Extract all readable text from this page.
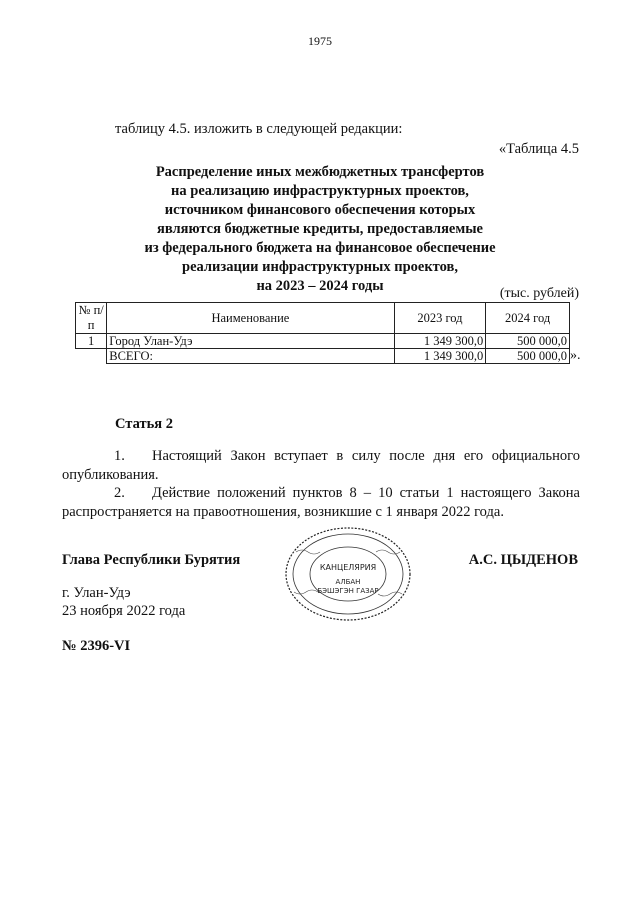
1975
таблицу 4.5. изложить в следующей редакции:
«Таблица 4.5
Распределение иных межбюджетных трансфертов
на реализацию инфраструктурных проектов,
источником финансового обеспечения которых
являются бюджетные кредиты, предоставляемые
из федерального бюджета на финансовое обеспечение
реализации инфраструктурных проектов,
на 2023 – 2024 годы	(тыс. рублей)
№ п/п	Наименование	2023 год	2024 год
1	Город Улан-Удэ	1 349 300,0	500 000,0
	ВСЕГО:	1 349 300,0	500 000,0 ».
Статья 2
1. Настоящий Закон вступает в силу после дня его официального опубликования.
2. Действие положений пунктов 8 – 10 статьи 1 настоящего Закона распространяется на правоотношения, возникшие с 1 января 2022 года.
Глава Республики Бурятия	А.С. ЦЫДЕНОВ
КАНЦЕЛЯРИЯ
АЛБАН
БЭШЭГЭН ГАЗАР
г. Улан-Удэ
23 ноября 2022 года
№ 2396-VI
